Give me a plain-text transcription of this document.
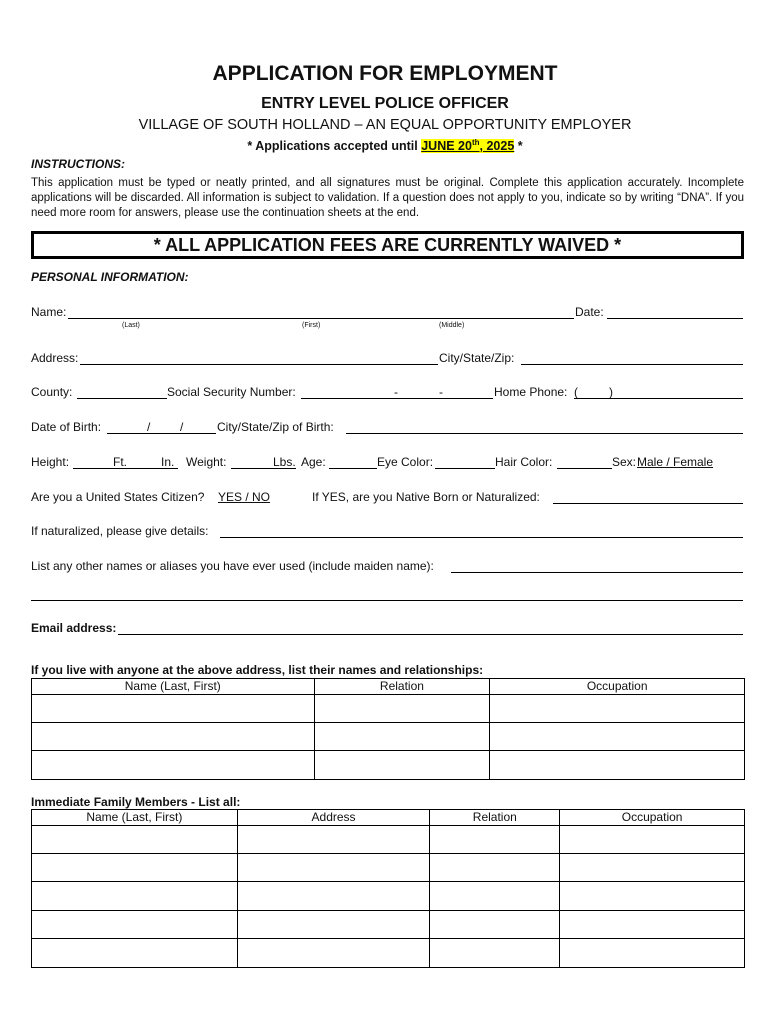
APPLICATION FOR EMPLOYMENT
ENTRY LEVEL POLICE OFFICER
VILLAGE OF SOUTH HOLLAND – AN EQUAL OPPORTUNITY EMPLOYER
* Applications accepted until JUNE 20th, 2025 *
INSTRUCTIONS:
This application must be typed or neatly printed, and all signatures must be original. Complete this application accurately. Incomplete applications will be discarded. All information is subject to validation. If a question does not apply to you, indicate so by writing “DNA”. If you need more room for answers, please use the continuation sheets at the end.
* ALL APPLICATION FEES ARE CURRENTLY WAIVED *
PERSONAL INFORMATION:
Name:
(Last)	(First)	(Middle)
Date:
Address:	City/State/Zip:
County:	Social Security Number:	-	-	Home Phone: (	)
Date of Birth:	/ /	City/State/Zip of Birth:
Height:	Ft.	In. Weight:	Lbs. Age:	Eye Color:	Hair Color:	Sex: Male / Female
Are you a United States Citizen? YES / NO	If YES, are you Native Born or Naturalized:
If naturalized, please give details:
List any other names or aliases you have ever used (include maiden name):
Email address:
If you live with anyone at the above address, list their names and relationships:
Name (Last, First)	Relation	Occupation

Immediate Family Members - List all:
Name (Last, First)	Address	Relation	Occupation
